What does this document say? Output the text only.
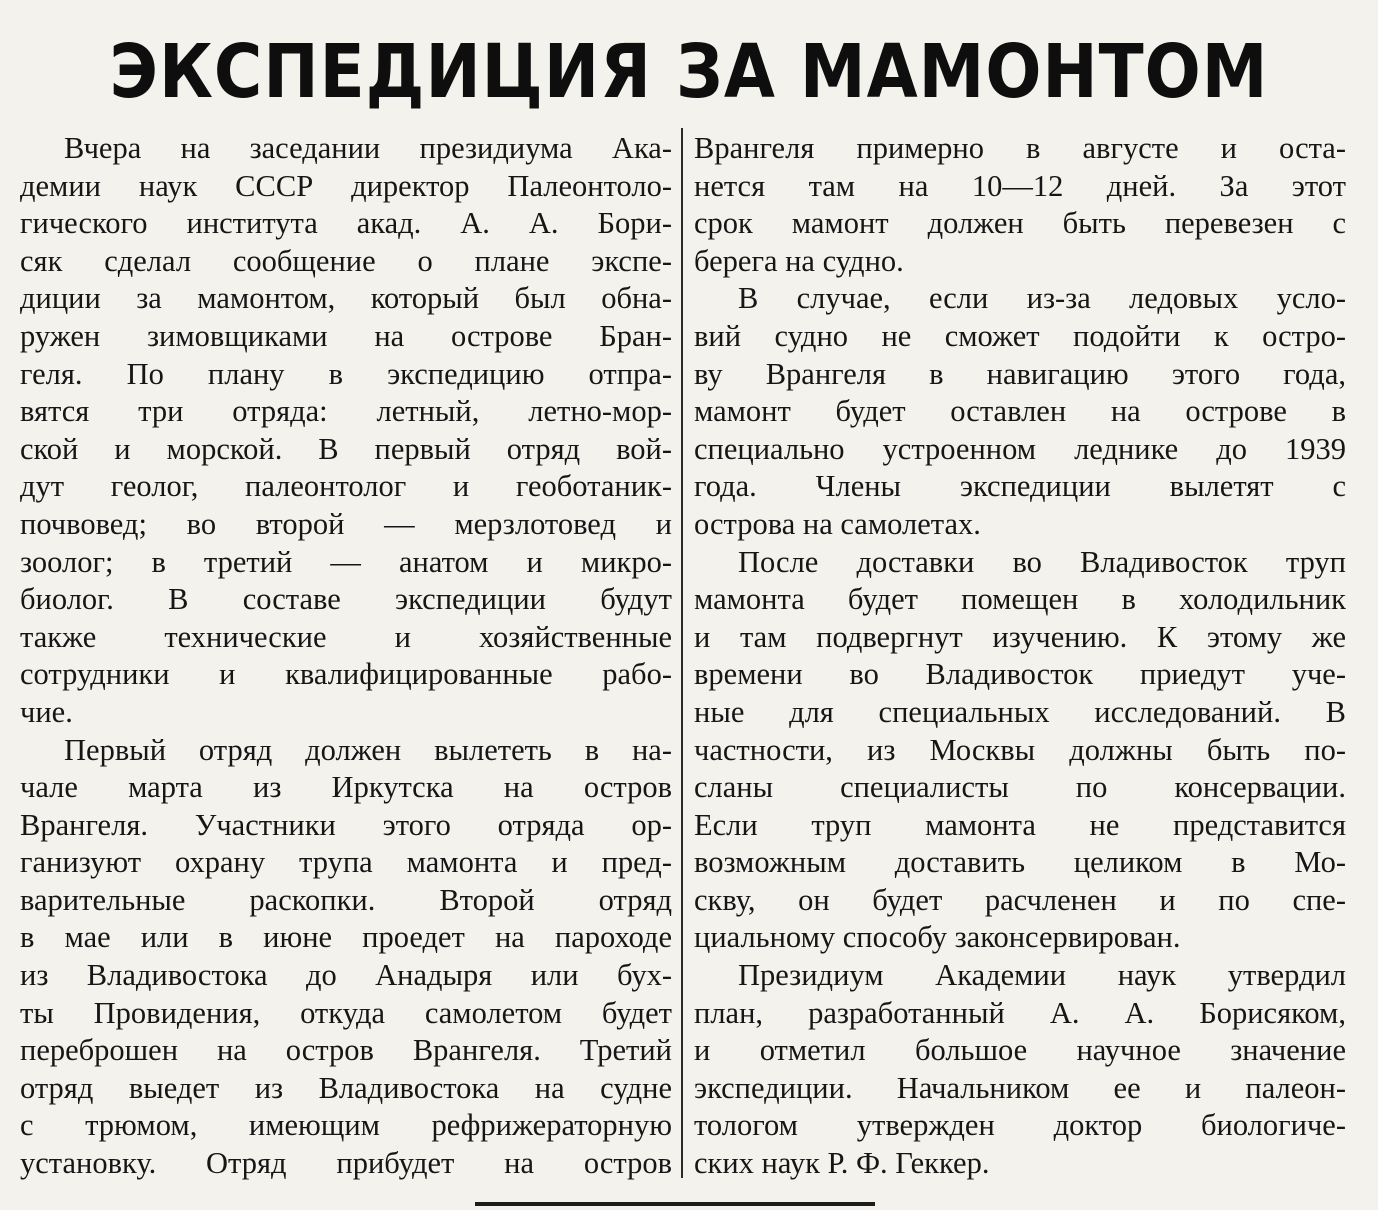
ЭКСПЕДИЦИЯ ЗА МАМОНТОМ
Вчера на заседании президиума Ака-
демии наук СССР директор Палеонтоло-
гического института акад. А. А. Бори-
сяк сделал сообщение о плане экспе-
диции за мамонтом, который был обна-
ружен зимовщиками на острове Бран-
геля. По плану в экспедицию отпра-
вятся три отряда: летный, летно-мор-
ской и морской. В первый отряд вой-
дут геолог, палеонтолог и геоботаник-
почвовед; во второй — мерзлотовед и
зоолог; в третий — анатом и микро-
биолог. В составе экспедиции будут
также технические и хозяйственные
сотрудники и квалифицированные рабо-
чие.
Первый отряд должен вылететь в на-
чале марта из Иркутска на остров
Врангеля. Участники этого отряда ор-
ганизуют охрану трупа мамонта и пред-
варительные раскопки. Второй отряд
в мае или в июне проедет на пароходе
из Владивостока до Анадыря или бух-
ты Провидения, откуда самолетом будет
переброшен на остров Врангеля. Третий
отряд выедет из Владивостока на судне
с трюмом, имеющим рефрижераторную
установку. Отряд прибудет на остров
Врангеля примерно в августе и оста-
нется там на 10—12 дней. За этот
срок мамонт должен быть перевезен с
берега на судно.
В случае, если из-за ледовых усло-
вий судно не сможет подойти к остро-
ву Врангеля в навигацию этого года,
мамонт будет оставлен на острове в
специально устроенном леднике до 1939
года. Члены экспедиции вылетят с
острова на самолетах.
После доставки во Владивосток труп
мамонта будет помещен в холодильник
и там подвергнут изучению. К этому же
времени во Владивосток приедут уче-
ные для специальных исследований. В
частности, из Москвы должны быть по-
сланы специалисты по консервации.
Если труп мамонта не представится
возможным доставить целиком в Мо-
скву, он будет расчленен и по спе-
циальному способу законсервирован.
Президиум Академии наук утвердил
план, разработанный А. А. Борисяком,
и отметил большое научное значение
экспедиции. Начальником ее и палеон-
тологом утвержден доктор биологиче-
ских наук Р. Ф. Геккер.
